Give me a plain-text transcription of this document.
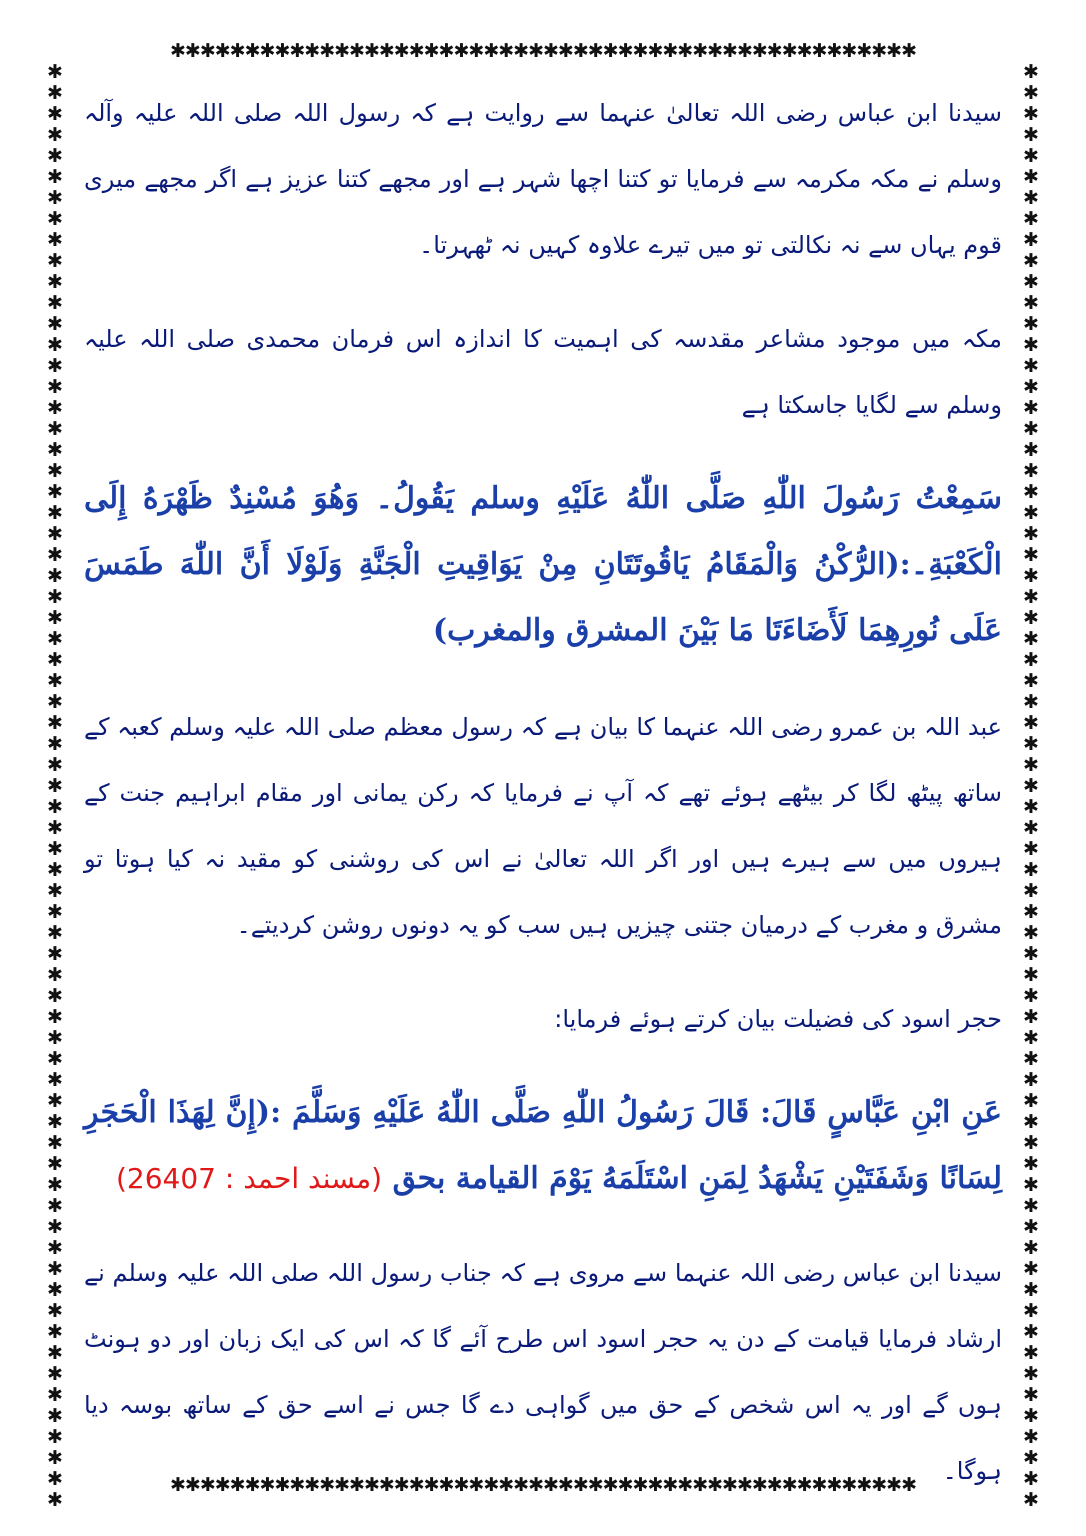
✱✱✱✱✱✱✱✱✱✱✱✱✱✱✱✱✱✱✱✱✱✱✱✱✱✱✱✱✱✱✱✱✱✱✱✱✱✱✱✱✱✱✱✱✱✱✱✱✱✱
✱✱✱✱✱✱✱✱✱✱✱✱✱✱✱✱✱✱✱✱✱✱✱✱✱✱✱✱✱✱✱✱✱✱✱✱✱✱✱✱✱✱✱✱✱✱✱✱✱✱✱✱✱✱✱✱✱✱✱✱✱✱✱✱✱✱✱✱✱
✱✱✱✱✱✱✱✱✱✱✱✱✱✱✱✱✱✱✱✱✱✱✱✱✱✱✱✱✱✱✱✱✱✱✱✱✱✱✱✱✱✱✱✱✱✱✱✱✱✱✱✱✱✱✱✱✱✱✱✱✱✱✱✱✱✱✱✱✱
✱✱✱✱✱✱✱✱✱✱✱✱✱✱✱✱✱✱✱✱✱✱✱✱✱✱✱✱✱✱✱✱✱✱✱✱✱✱✱✱✱✱✱✱✱✱✱✱✱✱

سیدنا ابن عباس رضی اللہ تعالیٰ عنہما سے روایت ہے کہ رسول اللہ صلی اللہ علیہ وآلہ وسلم نے مکہ مکرمہ سے فرمایا تو کتنا اچھا شہر ہے اور مجھے کتنا عزیز ہے اگر مجھے میری قوم یہاں سے نہ نکالتی تو میں تیرے علاوہ کہیں نہ ٹھہرتا۔

مکہ میں موجود مشاعر مقدسہ کی اہمیت کا اندازہ اس فرمان محمدی صلی اللہ علیہ وسلم سے لگایا جاسکتا ہے

سَمِعْتُ رَسُولَ اللّٰهِ صَلَّى اللّٰهُ عَلَيْهِ وسلم يَقُولُ۔ وَهُوَ مُسْنِدٌ ظَهْرَهُ إِلَى الْكَعْبَةِ۔:(الرُّكْنُ وَالْمَقَامُ يَاقُوتَتَانِ مِنْ يَوَاقِيتِ الْجَنَّةِ وَلَوْلَا أَنَّ اللّٰهَ طَمَسَ عَلَى نُورِهِمَا لَأَضَاءَتَا مَا بَيْنَ المشرق والمغرب)

عبد اللہ بن عمرو رضی اللہ عنہما کا بیان ہے کہ رسول معظم صلی اللہ علیہ وسلم کعبہ کے ساتھ پیٹھ لگا کر بیٹھے ہوئے تھے کہ آپ نے فرمایا کہ رکن یمانی اور مقام ابراہیم جنت کے ہیروں میں سے ہیرے ہیں اور اگر اللہ تعالیٰ نے اس کی روشنی کو مقید نہ کیا ہوتا تو مشرق و مغرب کے درمیان جتنی چیزیں ہیں سب کو یہ دونوں روشن کردیتے۔

حجر اسود کی فضیلت بیان کرتے ہوئے فرمایا:

عَنِ ابْنِ عَبَّاسٍ قَالَ: قَالَ رَسُولُ اللّٰهِ صَلَّى اللّٰهُ عَلَيْهِ وَسَلَّمَ :(إِنَّ لِهَذَا الْحَجَرِ لِسَانًا وَشَفَتَيْنِ يَشْهَدُ لِمَنِ اسْتَلَمَهُ يَوْمَ القيامة بحق (مسند احمد : 26407)

سیدنا ابن عباس رضی اللہ عنہما سے مروی ہے کہ جناب رسول اللہ صلی اللہ علیہ وسلم نے ارشاد فرمایا قیامت کے دن یہ حجر اسود اس طرح آئے گا کہ اس کی ایک زبان اور دو ہونٹ ہوں گے اور یہ اس شخص کے حق میں گواہی دے گا جس نے اسے حق کے ساتھ بوسہ دیا ہوگا۔
